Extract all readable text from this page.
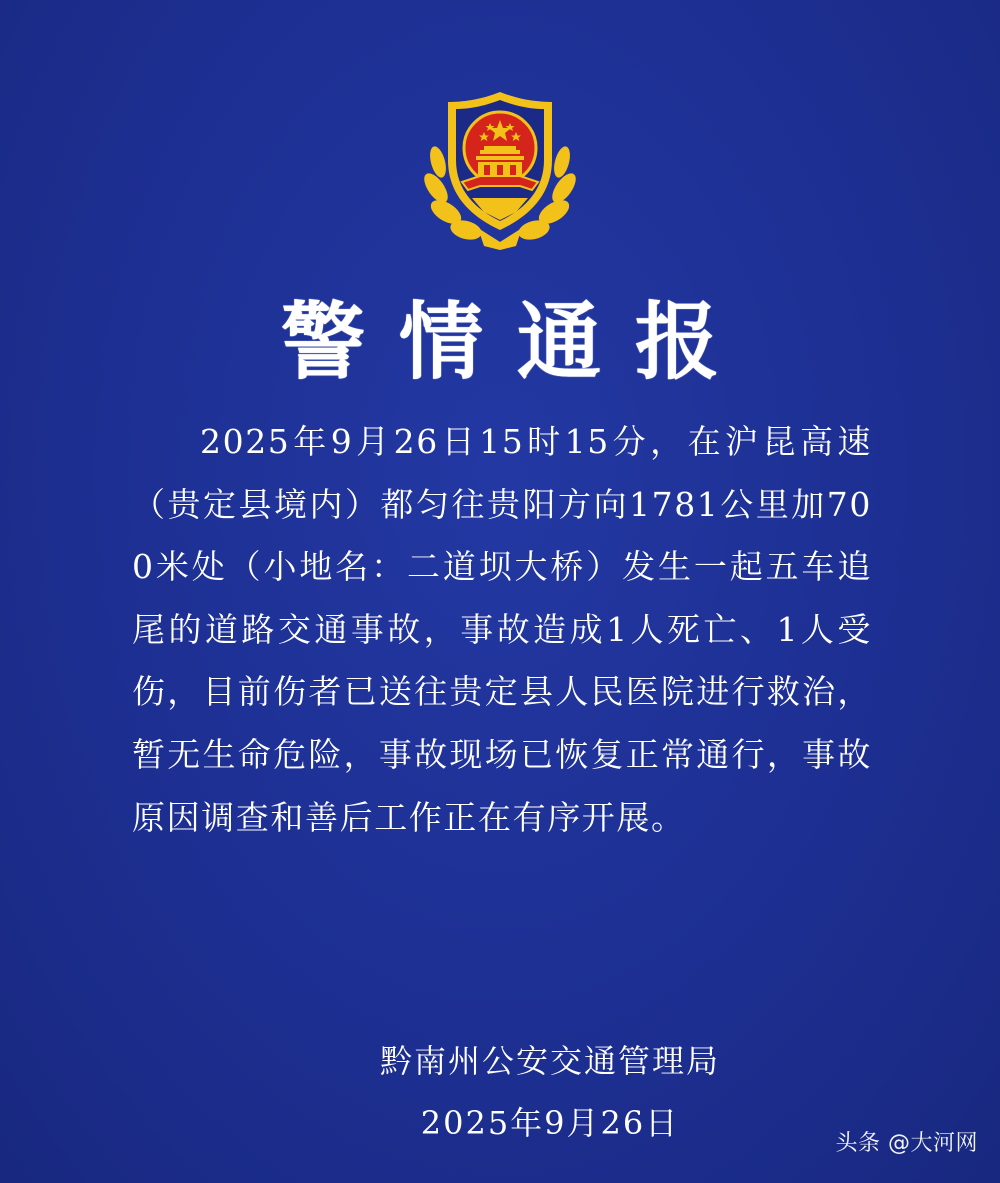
警情通报
2025年9月26日15时15分，在沪昆高速（贵定县境内）都匀往贵阳方向1781公里加700米处（小地名：二道坝大桥）发生一起五车追尾的道路交通事故，事故造成1人死亡、1人受伤，目前伤者已送往贵定县人民医院进行救治，暂无生命危险，事故现场已恢复正常通行，事故原因调查和善后工作正在有序开展。
黔南州公安交通管理局
2025年9月26日
头条 @大河网
